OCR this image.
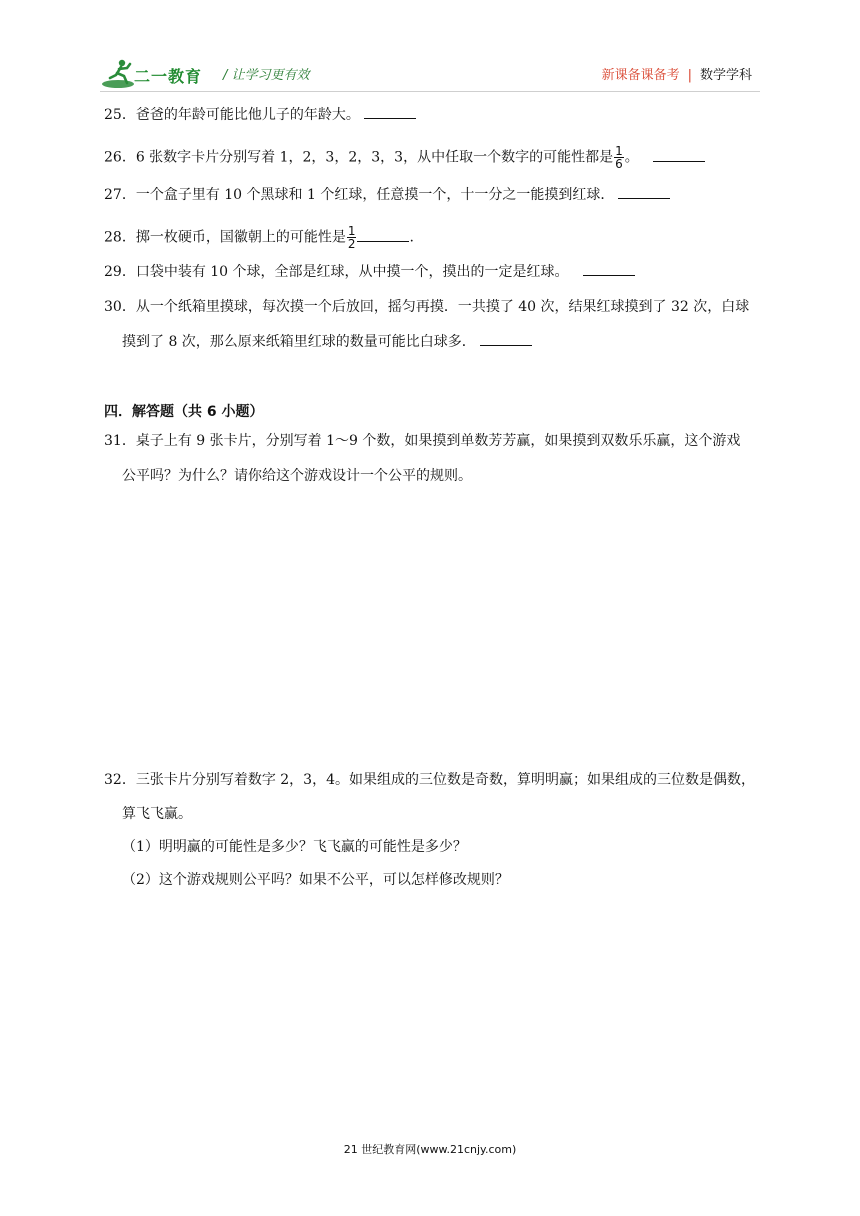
二一教育 / 让学习更有效	新课备课备考 | 数学学科
25．爸爸的年龄可能比他儿子的年龄大。
26．6 张数字卡片分别写着 1，2，3，2，3，3，从中任取一个数字的可能性都是 $\frac{1}{6}$ 。
27．一个盒子里有 10 个黑球和 1 个红球，任意摸一个，十一分之一能摸到红球．
28．掷一枚硬币，国徽朝上的可能性是 $\frac{1}{2}$	.
29．口袋中装有 10 个球，全部是红球，从中摸一个，摸出的一定是红球。
30．从一个纸箱里摸球，每次摸一个后放回，摇匀再摸．一共摸了 40 次，结果红球摸到了 32 次，白球
摸到了 8 次，那么原来纸箱里红球的数量可能比白球多．
四．解答题（共 6 小题）
31．桌子上有 9 张卡片，分别写着 1～9 个数，如果摸到单数芳芳赢，如果摸到双数乐乐赢，这个游戏
公平吗？为什么？请你给这个游戏设计一个公平的规则。
32．三张卡片分别写着数字 2，3，4。如果组成的三位数是奇数，算明明赢；如果组成的三位数是偶数，
算飞飞赢。
（1）明明赢的可能性是多少？飞飞赢的可能性是多少？
（2）这个游戏规则公平吗？如果不公平，可以怎样修改规则？
21 世纪教育网(www.21cnjy.com)
